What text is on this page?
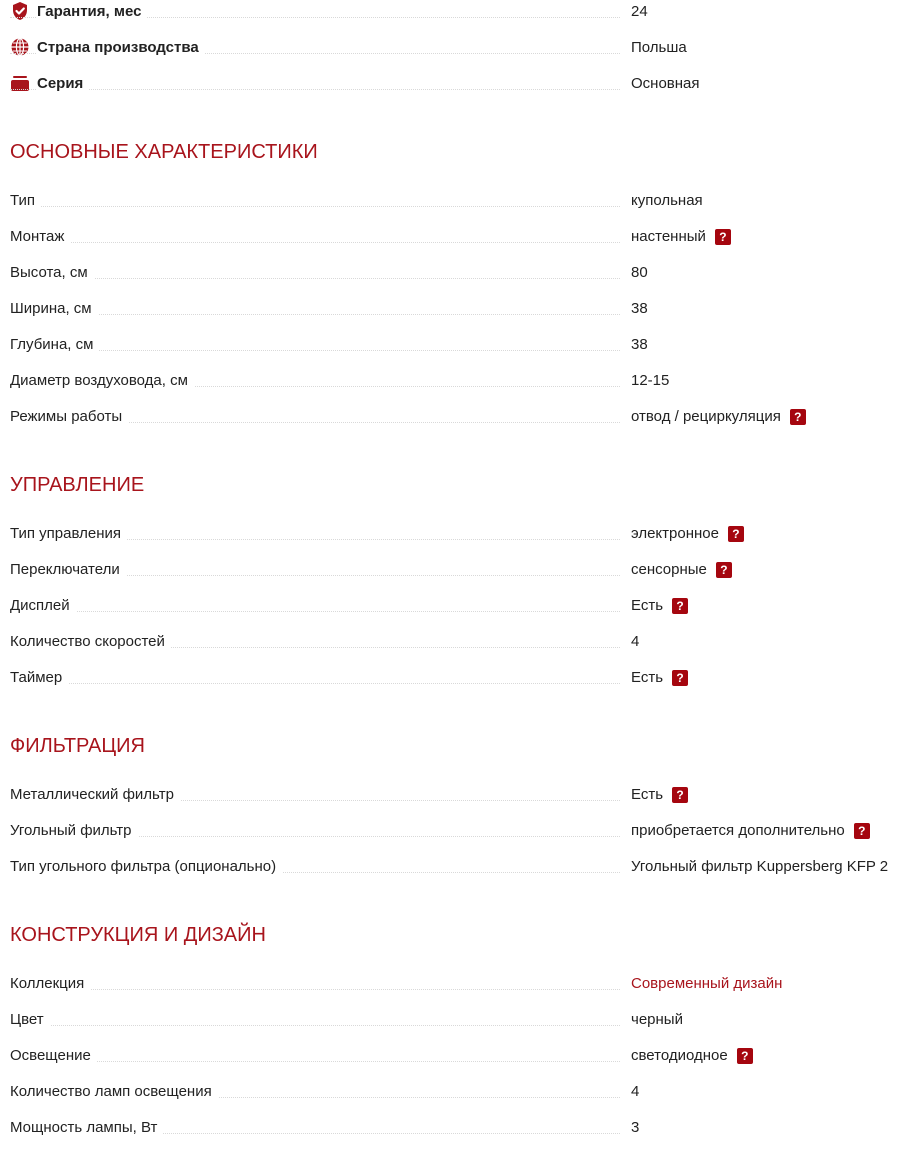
Гарантия, мес	24
Страна производства	Польша
Серия	Основная
ОСНОВНЫЕ ХАРАКТЕРИСТИКИ
Тип	купольная
Монтаж	настенный	?
Высота, см	80
Ширина, см	38
Глубина, см	38
Диаметр воздуховода, см	12-15
Режимы работы	отвод / рециркуляция	?
УПРАВЛЕНИЕ
Тип управления	электронное	?
Переключатели	сенсорные	?
Дисплей	Есть	?
Количество скоростей	4
Таймер	Есть	?
ФИЛЬТРАЦИЯ
Металлический фильтр	Есть	?
Угольный фильтр	приобретается дополнительно	?
Тип угольного фильтра (опционально)	Угольный фильтр Kuppersberg KFP 2
КОНСТРУКЦИЯ И ДИЗАЙН
Коллекция	Современный дизайн
Цвет	черный
Освещение	светодиодное	?
Количество ламп освещения	4
Мощность лампы, Вт	3
